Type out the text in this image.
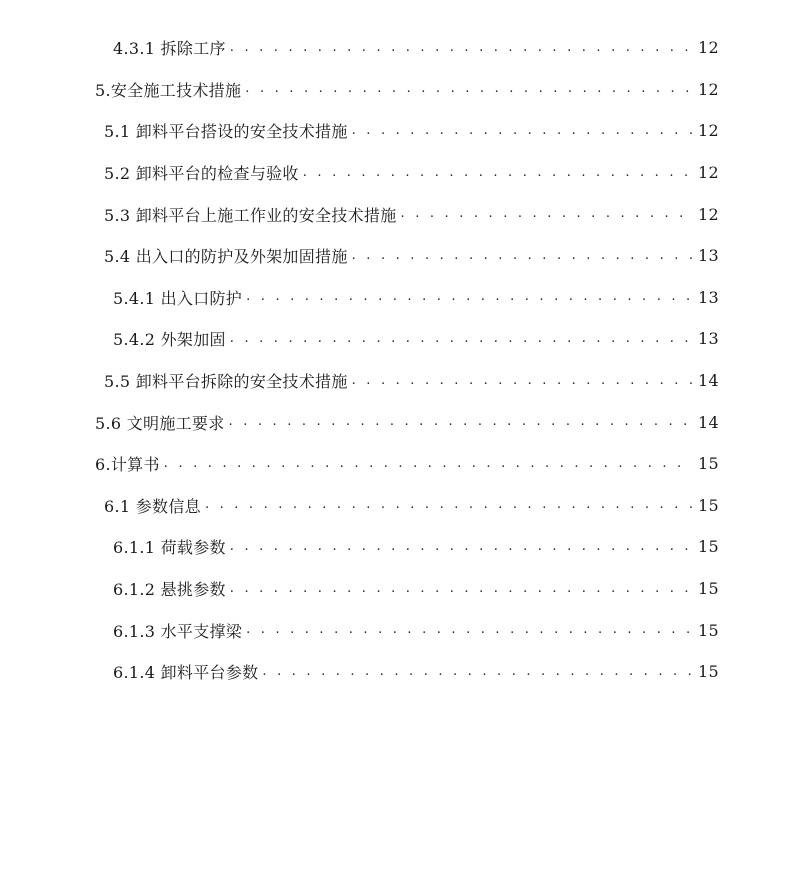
4.3.1 拆除工序 . . .	12
5.安全施工技术措施 . . .	12
5.1 卸料平台搭设的安全技术措施 . . .	12
5.2 卸料平台的检查与验收 . . .	12
5.3 卸料平台上施工作业的安全技术措施 . . .	12
5.4 出入口的防护及外架加固措施 . . .	13
5.4.1 出入口防护 . . .	13
5.4.2 外架加固 . . .	13
5.5 卸料平台拆除的安全技术措施 . . .	14
5.6 文明施工要求 . . .	14
6.计算书 . . .	15
6.1 参数信息 . . .	15
6.1.1 荷载参数 . . .	15
6.1.2 悬挑参数 . . .	15
6.1.3 水平支撑梁 . . .	15
6.1.4 卸料平台参数 . . .	15
